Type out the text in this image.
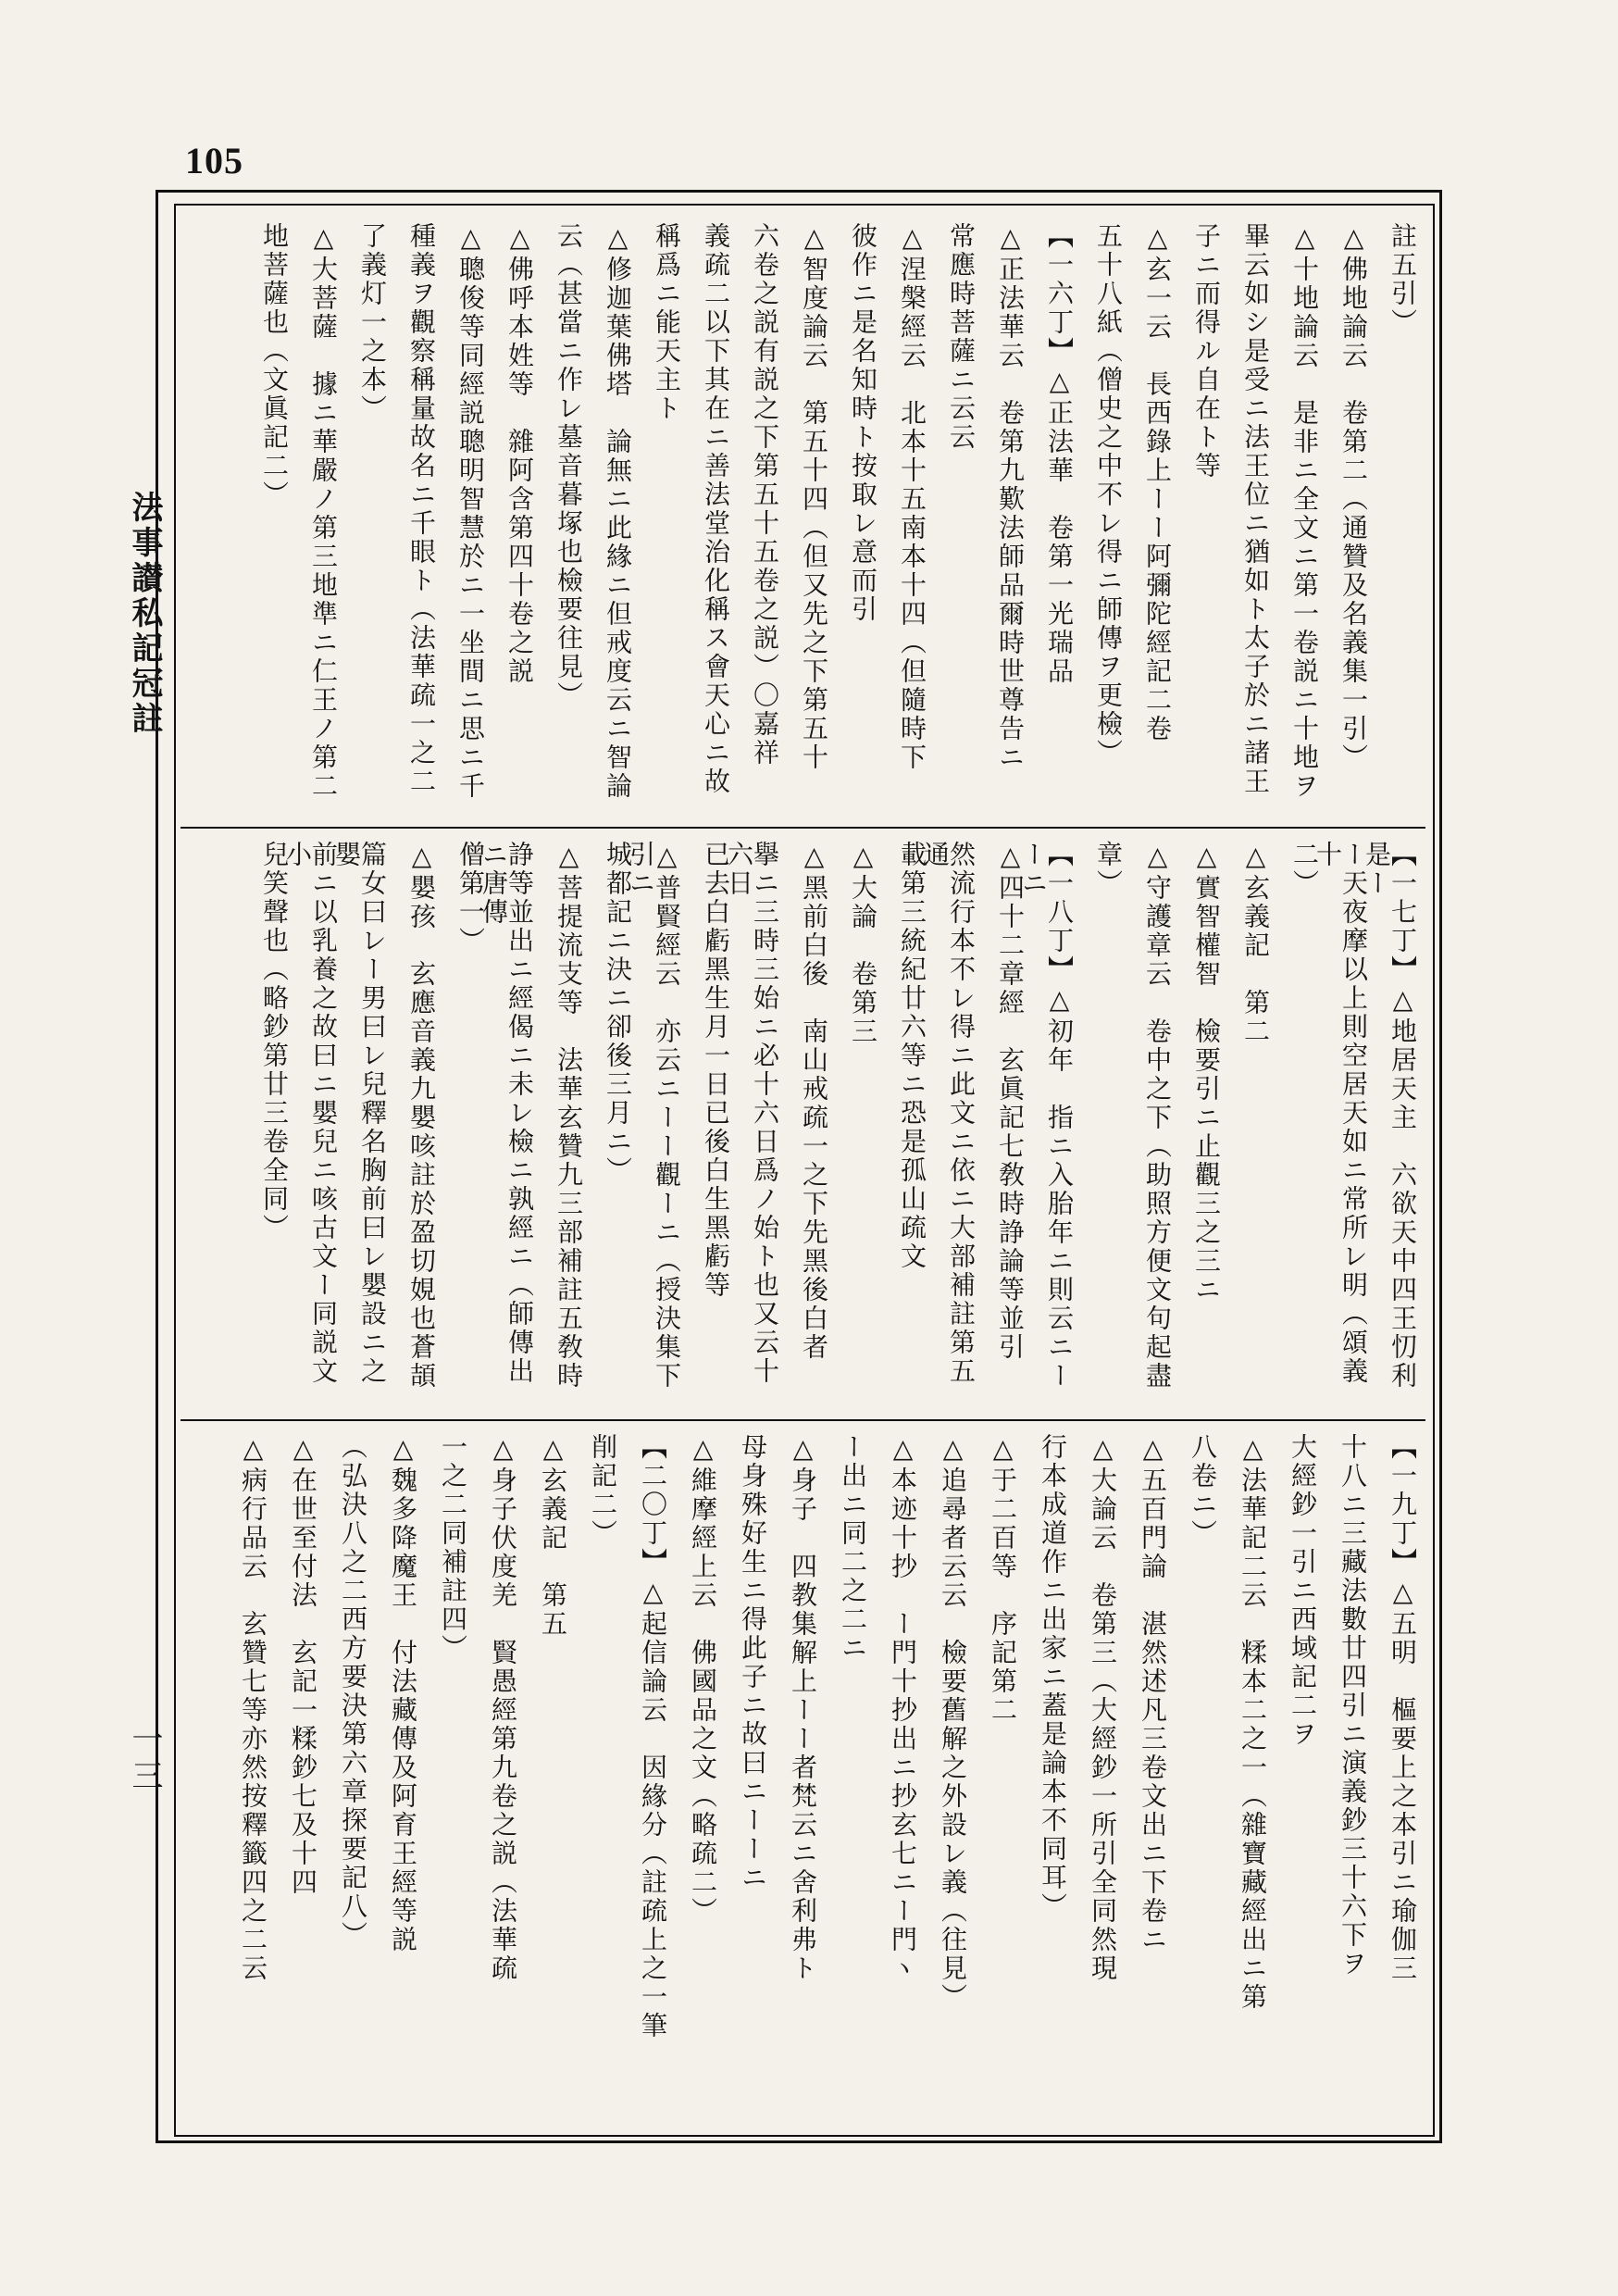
105
法事讃私記冠註
一三
註五引）
△佛地論云　卷第二（通贊及名義集一引）
△十地論云　是非ニ全文ニ第一卷説ニ十地ヲ
畢云如シ是受ニ法王位ニ猶如ト太子於ニ諸王
子ニ而得ル自在ト等
△玄一云　長西錄上ーー阿彌陀經記二卷
五十八紙（僧史之中不レ得ニ師傳ヲ更檢）
【一六丁】△正法華　卷第一光瑞品
△正法華云　卷第九歎法師品爾時世尊告ニ
常應時菩薩ニ云云
△涅槃經云　北本十五南本十四（但隨時下
彼作ニ是名知時ト按取レ意而引
△智度論云　第五十四（但又先之下第五十
六卷之説有説之下第五十五卷之説）〇嘉祥
義疏二以下其在ニ善法堂治化稱ス會天心ニ故
稱爲ニ能天主ト
△修迦葉佛塔　論無ニ此緣ニ但戒度云ニ智論
云（甚當ニ作レ墓音暮塚也檢要往見）
△佛呼本姓等　雜阿含第四十卷之説
△聰俊等同經説聰明智慧於ニ一坐間ニ思ニ千
種義ヲ觀察稱量故名ニ千眼ト（法華疏一之二
了義灯一之本）
△大菩薩　據ニ華嚴ノ第三地準ニ仁王ノ第二
地菩薩也（文眞記二）
【一七丁】△地居天主　六欲天中四王忉利是ー
ー天夜摩以上則空居天如ニ常所レ明（頌義十
二）
△玄義記　第二
△實智權智　檢要引ニ止觀三之三ニ
△守護章云　卷中之下（助照方便文句起盡
章）
【一八丁】△初年　指ニ入胎年ニ則云ニーーニ
△四十二章經　玄眞記七敎時諍論等並引
然流行本不レ得ニ此文ニ依ニ大部補註第五通
載第三統紀廿六等ニ恐是孤山疏文
△大論　卷第三
△黑前白後　南山戒疏一之下先黑後白者
擧ニ三時三始ニ必十六日爲ノ始ト也又云十六日
已去白虧黑生月一日已後白生黑虧等
△普賢經云　亦云ニーー觀ーニ（授決集下引ニ
城都記ニ決ニ卻後三月ニ）
△菩提流支等　法華玄贊九三部補註五敎時
諍等並出ニ經偈ニ未レ檢ニ孰經ニ（師傳出ニ唐傳
僧第一）
△嬰孩　玄應音義九嬰咳註於盈切娊也蒼頡
篇女曰レー男曰レ兒釋名胸前曰レ嬰設ニ之嬰
前ニ以乳養之故曰ニ嬰兒ニ咳古文ー同説文小
兒笑聲也（略鈔第廿三卷全同）
【一九丁】△五明　樞要上之本引ニ瑜伽三
十八ニ三藏法數廿四引ニ演義鈔三十六下ヲ
大經鈔一引ニ西域記二ヲ
△法華記二云　糅本二之一（雜寶藏經出ニ第
八卷ニ）
△五百門論　湛然述凡三卷文出ニ下卷ニ
△大論云　卷第三（大經鈔一所引全同然現
行本成道作ニ出家ニ蓋是論本不同耳）
△于二百等　序記第二
△追尋者云云　檢要舊解之外設レ義（往見）
△本迹十抄　ー門十抄出ニ抄玄七ニー門ヽ
ー出ニ同二之二ニ
△身子　四教集解上ーー者梵云ニ舍利弗ト
母身殊好生ニ得此子ニ故曰ニーーニ
△維摩經上云　佛國品之文（略疏二）
【二〇丁】△起信論云　因緣分（註疏上之一筆
削記二）
△玄義記　第五
△身子伏度羌　賢愚經第九卷之説（法華疏
一之二同補註四）
△魏多降魔王　付法藏傳及阿育王經等説
（弘決八之二西方要決第六章探要記八）
△在世至付法　玄記一糅鈔七及十四
△病行品云　玄贊七等亦然按釋籤四之二云
